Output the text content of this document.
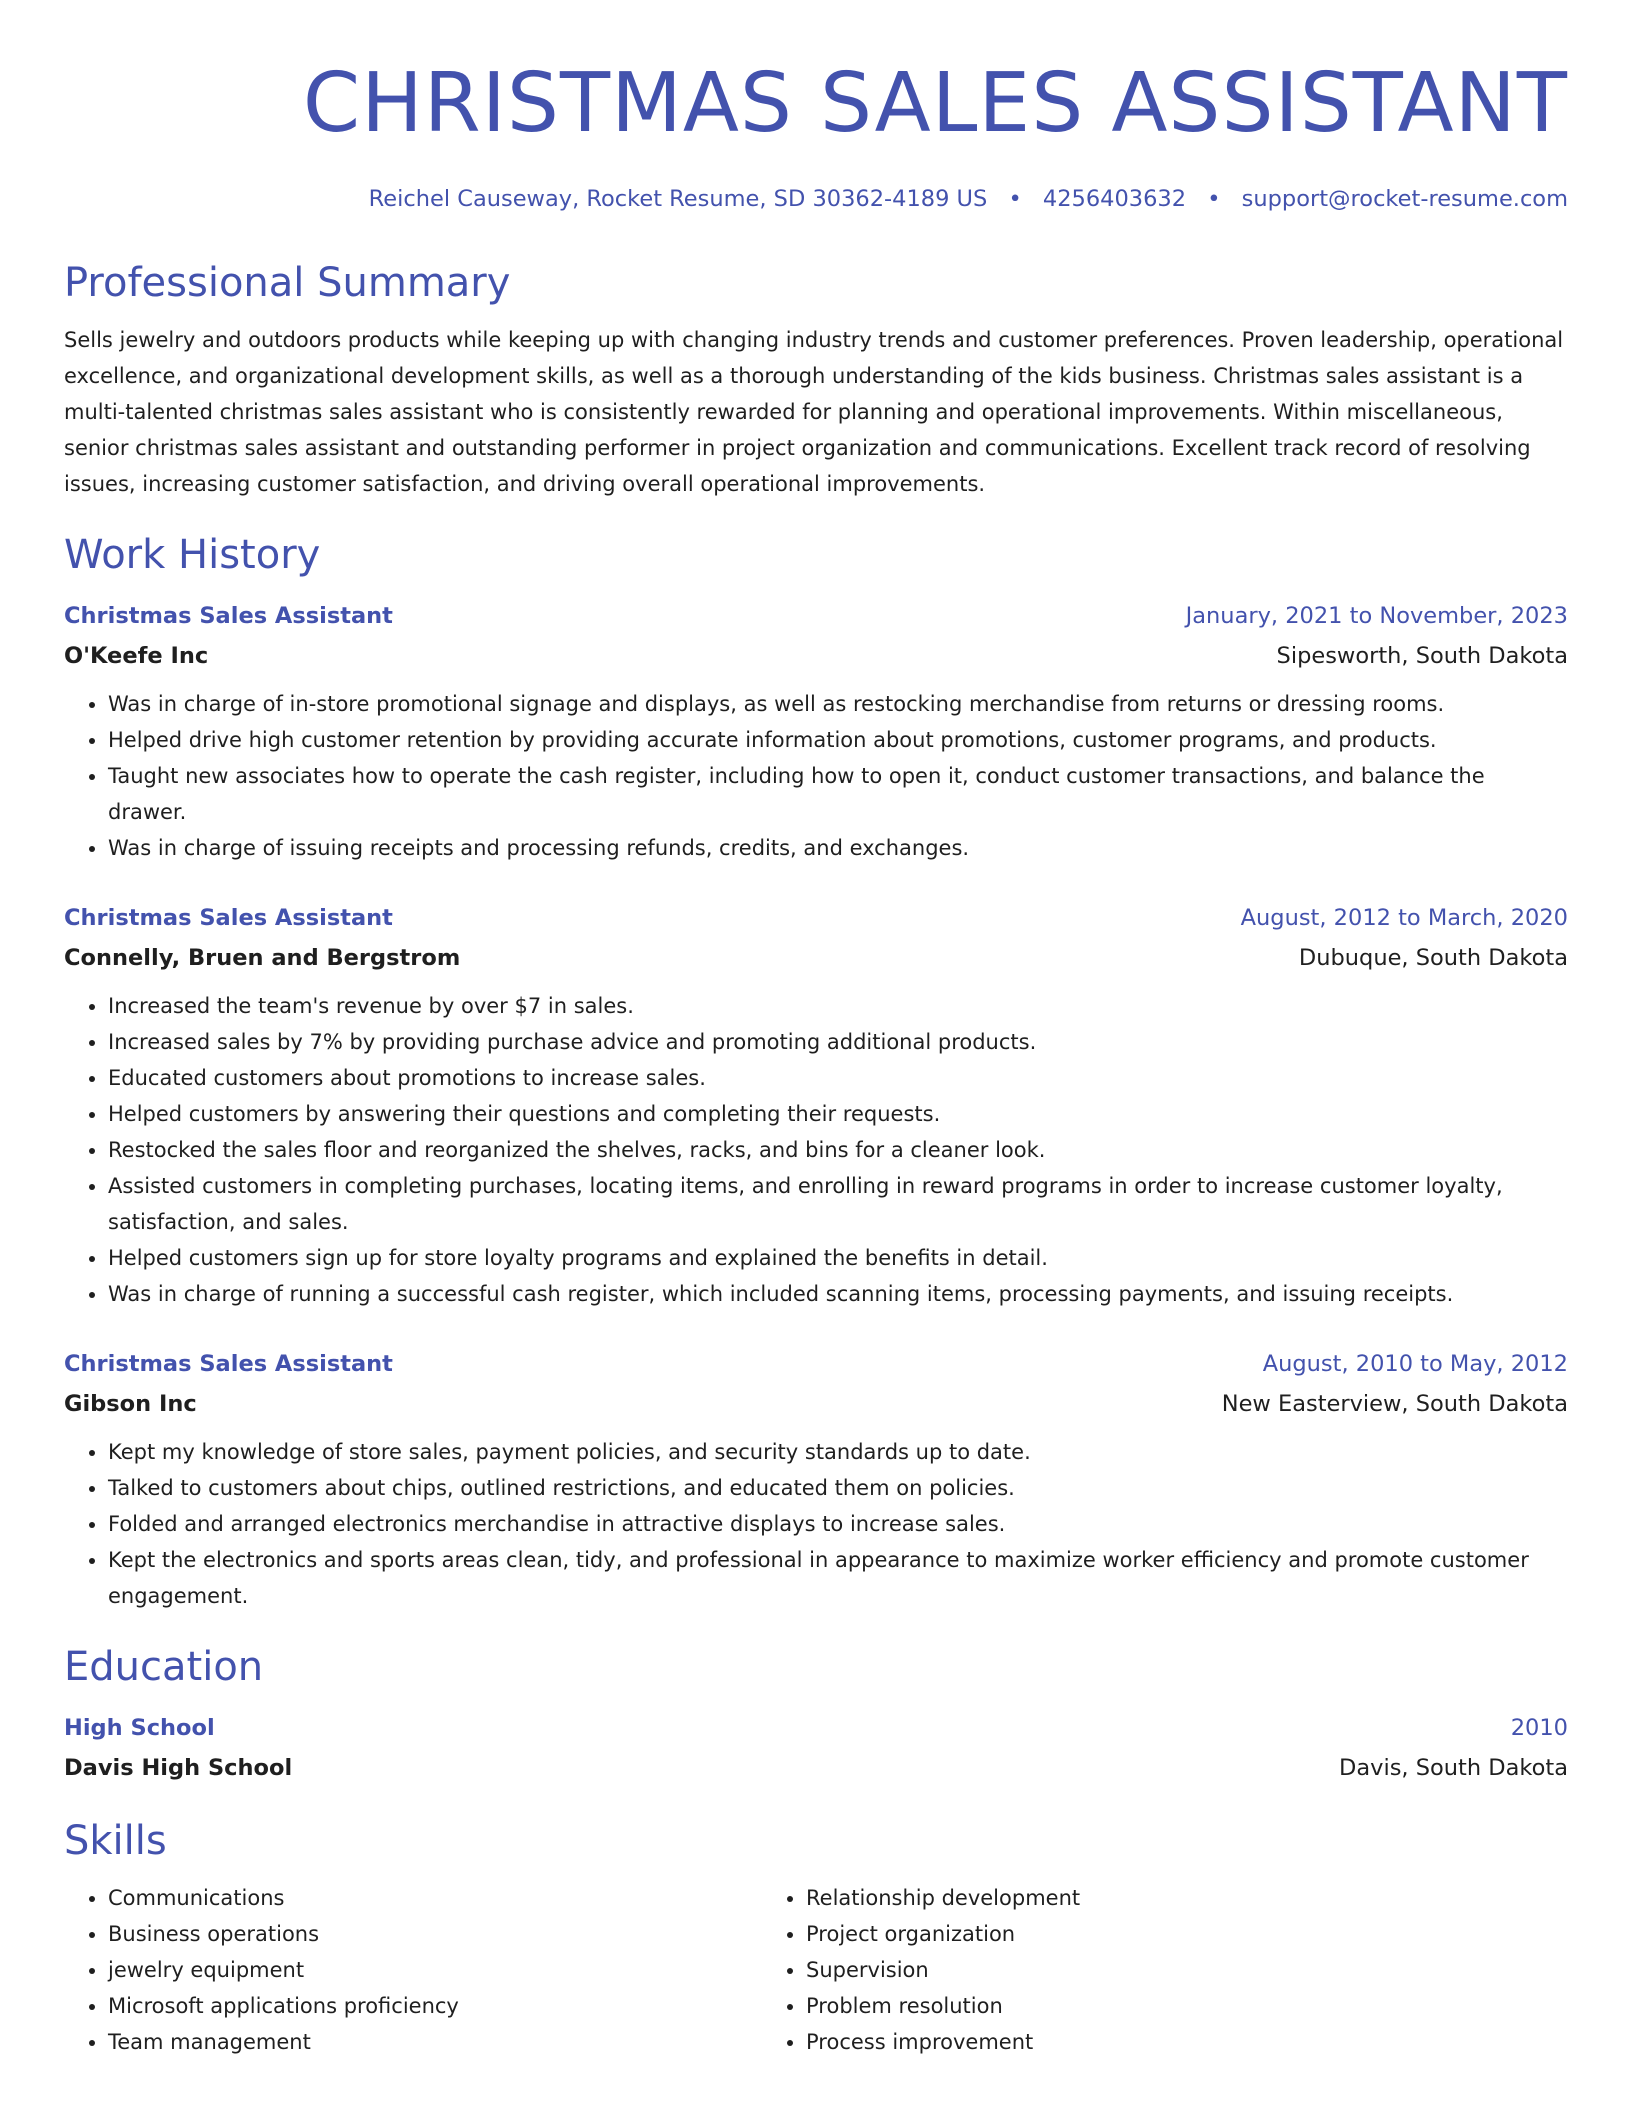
CHRISTMAS SALES ASSISTANT
Reichel Causeway, Rocket Resume, SD 30362-4189 US • 4256403632 • support@rocket-resume.com
Professional Summary
Sells jewelry and outdoors products while keeping up with changing industry trends and customer preferences. Proven leadership, operational excellence, and organizational development skills, as well as a thorough understanding of the kids business. Christmas sales assistant is a multi-talented christmas sales assistant who is consistently rewarded for planning and operational improvements. Within miscellaneous, senior christmas sales assistant and outstanding performer in project organization and communications. Excellent track record of resolving issues, increasing customer satisfaction, and driving overall operational improvements.
Work History
Christmas Sales Assistant	January, 2021 to November, 2023
O'Keefe Inc	Sipesworth, South Dakota
• Was in charge of in-store promotional signage and displays, as well as restocking merchandise from returns or dressing rooms.
• Helped drive high customer retention by providing accurate information about promotions, customer programs, and products.
• Taught new associates how to operate the cash register, including how to open it, conduct customer transactions, and balance the drawer.
• Was in charge of issuing receipts and processing refunds, credits, and exchanges.
Christmas Sales Assistant	August, 2012 to March, 2020
Connelly, Bruen and Bergstrom	Dubuque, South Dakota
• Increased the team's revenue by over $7 in sales.
• Increased sales by 7% by providing purchase advice and promoting additional products.
• Educated customers about promotions to increase sales.
• Helped customers by answering their questions and completing their requests.
• Restocked the sales floor and reorganized the shelves, racks, and bins for a cleaner look.
• Assisted customers in completing purchases, locating items, and enrolling in reward programs in order to increase customer loyalty, satisfaction, and sales.
• Helped customers sign up for store loyalty programs and explained the benefits in detail.
• Was in charge of running a successful cash register, which included scanning items, processing payments, and issuing receipts.
Christmas Sales Assistant	August, 2010 to May, 2012
Gibson Inc	New Easterview, South Dakota
• Kept my knowledge of store sales, payment policies, and security standards up to date.
• Talked to customers about chips, outlined restrictions, and educated them on policies.
• Folded and arranged electronics merchandise in attractive displays to increase sales.
• Kept the electronics and sports areas clean, tidy, and professional in appearance to maximize worker efficiency and promote customer engagement.
Education
High School	2010
Davis High School	Davis, South Dakota
Skills
• Communications
• Business operations
• jewelry equipment
• Microsoft applications proficiency
• Team management
• Relationship development
• Project organization
• Supervision
• Problem resolution
• Process improvement
